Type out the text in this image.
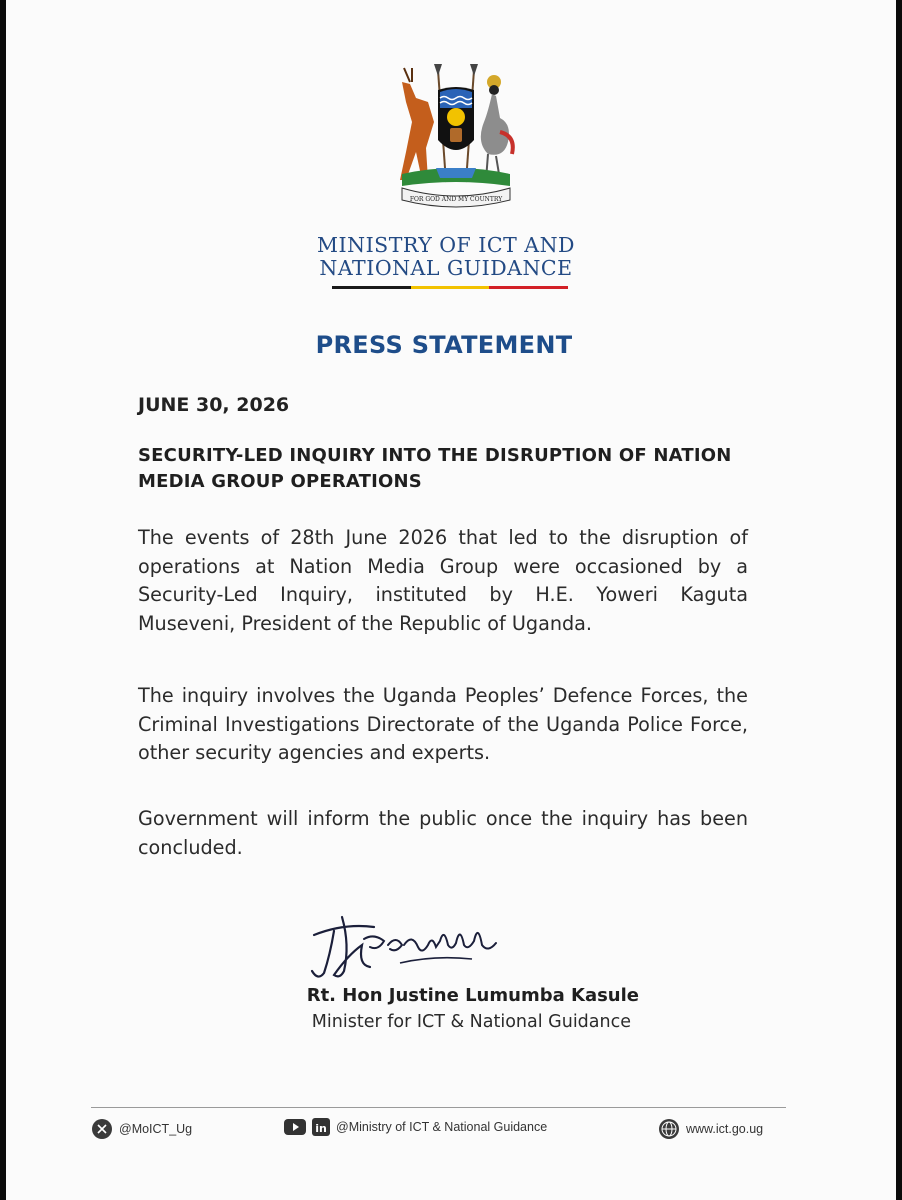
FOR GOD AND MY COUNTRY
MINISTRY OF ICT AND
NATIONAL GUIDANCE
PRESS STATEMENT
JUNE 30, 2026
SECURITY-LED INQUIRY INTO THE DISRUPTION OF NATION MEDIA GROUP OPERATIONS
The events of 28th June 2026 that led to the disruption of operations at Nation Media Group were occasioned by a Security-Led Inquiry, instituted by H.E. Yoweri Kaguta Museveni, President of the Republic of Uganda.
The inquiry involves the Uganda Peoples’ Defence Forces, the Criminal Investigations Directorate of the Uganda Police Force, other security agencies and experts.
Government will inform the public once the inquiry has been concluded.
Rt. Hon Justine Lumumba Kasule
Minister for ICT & National Guidance
@MoICT_Ug	in @Ministry of ICT & National Guidance	www.ict.go.ug
